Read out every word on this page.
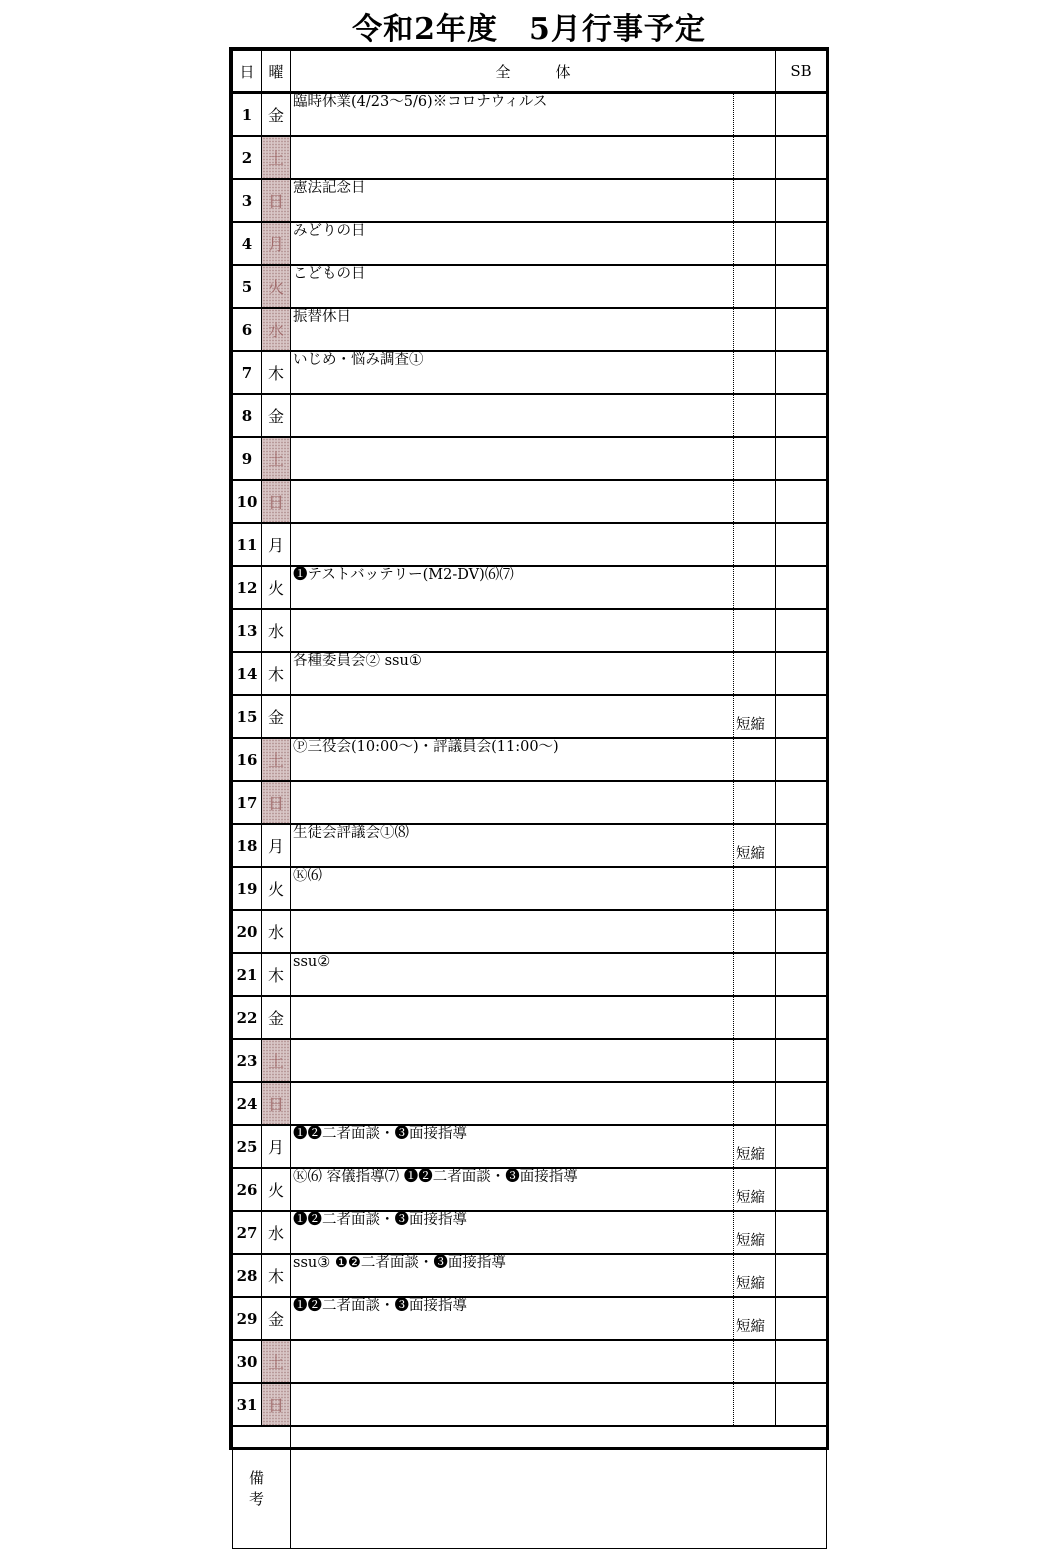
令和2年度　5月行事予定
日	曜	全　　　体		SB
1	金	臨時休業(4/23～5/6)※コロナウィルス		
2	土			
3	日	憲法記念日		
4	月	みどりの日		
5	火	こどもの日		
6	水	振替休日		
7	木	いじめ・悩み調査①		
8	金			
9	土			
10	日			
11	月			
12	火	❶テストバッテリー(M2-DV)⑹⑺		
13	水			
14	木	各種委員会② ssu①		
15	金		短縮	
16	土	Ⓟ三役会(10:00～)・評議員会(11:00～)		
17	日			
18	月	生徒会評議会①⑻	短縮	
19	火	Ⓚ⑹		
20	水			
21	木	ssu②		
22	金			
23	土			
24	日			
25	月	❶❷二者面談・❸面接指導	短縮	
26	火	Ⓚ⑹ 容儀指導⑺ ❶❷二者面談・❸面接指導	短縮	
27	水	❶❷二者面談・❸面接指導	短縮	
28	木	ssu③ ❶❷二者面談・❸面接指導	短縮	
29	金	❶❷二者面談・❸面接指導	短縮	
30	土			
31	日			
備 考				
